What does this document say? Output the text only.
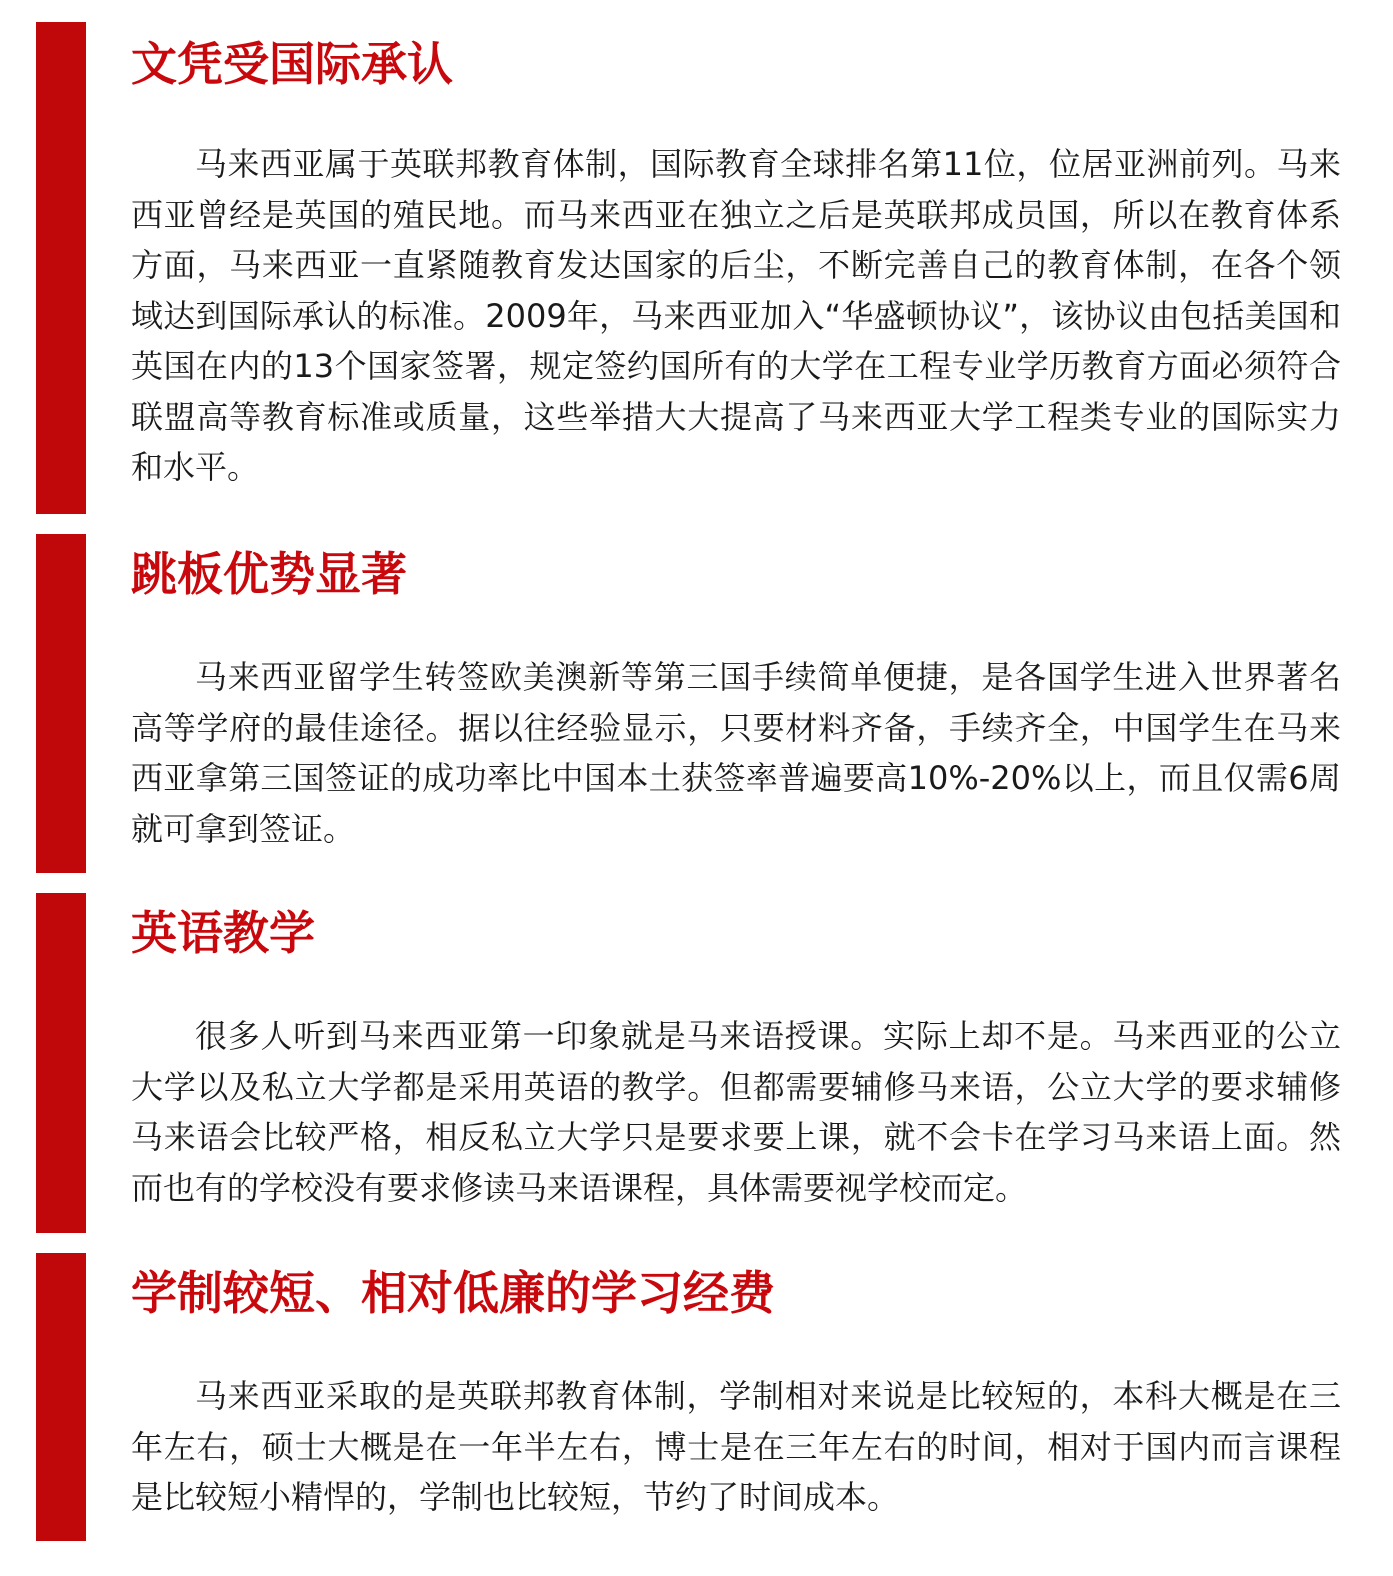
文凭受国际承认

马来西亚属于英联邦教育体制，国际教育全球排名第11位，位居亚洲前列。马来西亚曾经是英国的殖民地。而马来西亚在独立之后是英联邦成员国，所以在教育体系方面，马来西亚一直紧随教育发达国家的后尘，不断完善自己的教育体制，在各个领域达到国际承认的标准。2009年，马来西亚加入“华盛顿协议”，该协议由包括美国和英国在内的13个国家签署，规定签约国所有的大学在工程专业学历教育方面必须符合联盟高等教育标准或质量，这些举措大大提高了马来西亚大学工程类专业的国际实力和水平。

跳板优势显著

马来西亚留学生转签欧美澳新等第三国手续简单便捷，是各国学生进入世界著名高等学府的最佳途径。据以往经验显示，只要材料齐备，手续齐全，中国学生在马来西亚拿第三国签证的成功率比中国本土获签率普遍要高10%-20%以上，而且仅需6周就可拿到签证。

英语教学

很多人听到马来西亚第一印象就是马来语授课。实际上却不是。马来西亚的公立大学以及私立大学都是采用英语的教学。但都需要辅修马来语，公立大学的要求辅修马来语会比较严格，相反私立大学只是要求要上课，就不会卡在学习马来语上面。然而也有的学校没有要求修读马来语课程，具体需要视学校而定。

学制较短、相对低廉的学习经费

马来西亚采取的是英联邦教育体制，学制相对来说是比较短的，本科大概是在三年左右，硕士大概是在一年半左右，博士是在三年左右的时间，相对于国内而言课程是比较短小精悍的，学制也比较短，节约了时间成本。
